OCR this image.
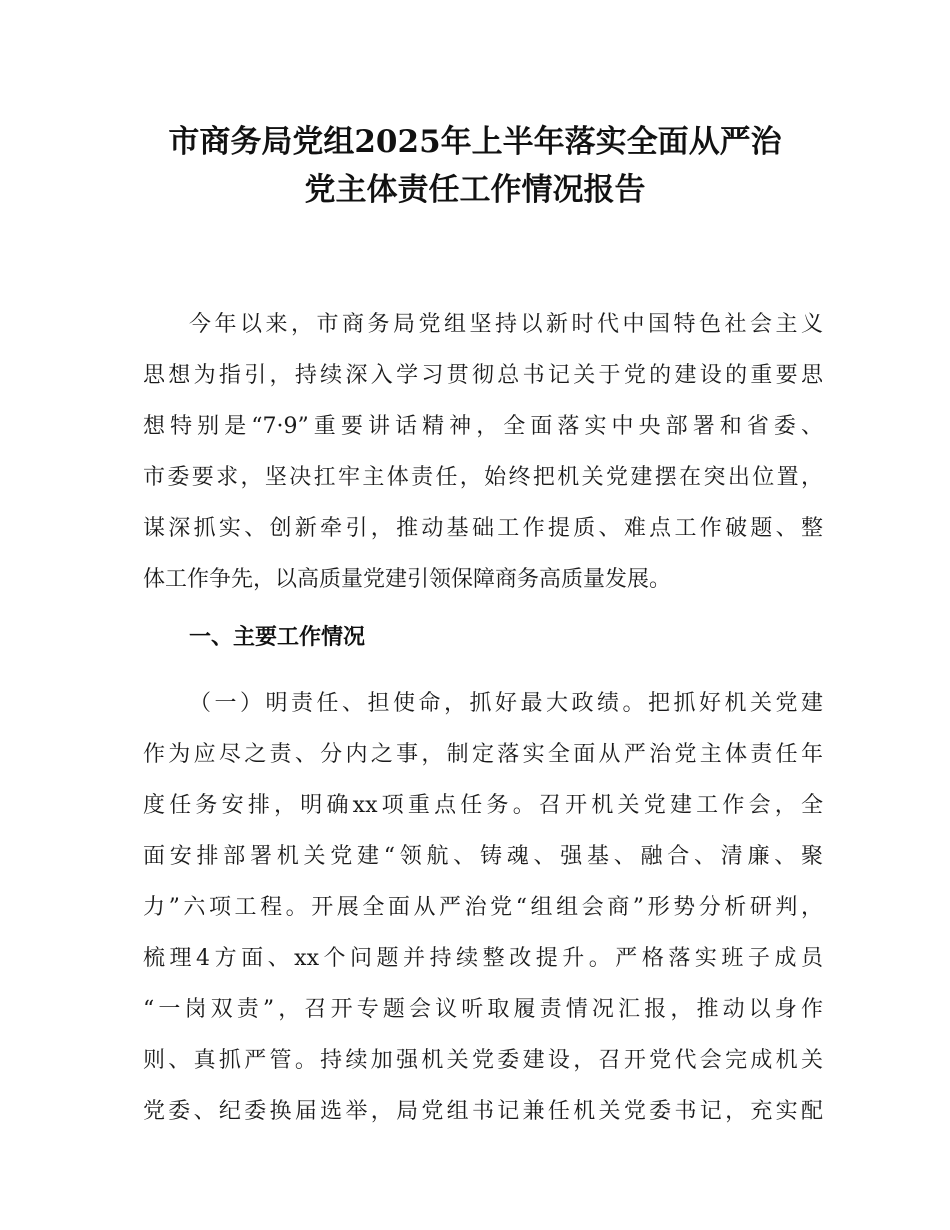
市商务局党组2025年上半年落实全面从严治
党主体责任工作情况报告
今年以来，市商务局党组坚持以新时代中国特色社会主义
思想为指引，持续深入学习贯彻总书记关于党的建设的重要思
想特别是“7·9”重要讲话精神，全面落实中央部署和省委、
市委要求，坚决扛牢主体责任，始终把机关党建摆在突出位置，
谋深抓实、创新牵引，推动基础工作提质、难点工作破题、整
体工作争先，以高质量党建引领保障商务高质量发展。
一、主要工作情况
（一）明责任、担使命，抓好最大政绩。把抓好机关党建
作为应尽之责、分内之事，制定落实全面从严治党主体责任年
度任务安排，明确xx项重点任务。召开机关党建工作会，全
面安排部署机关党建“领航、铸魂、强基、融合、清廉、聚
力”六项工程。开展全面从严治党“组组会商”形势分析研判，
梳理4方面、xx个问题并持续整改提升。严格落实班子成员
“一岗双责”，召开专题会议听取履责情况汇报，推动以身作
则、真抓严管。持续加强机关党委建设，召开党代会完成机关
党委、纪委换届选举，局党组书记兼任机关党委书记，充实配
